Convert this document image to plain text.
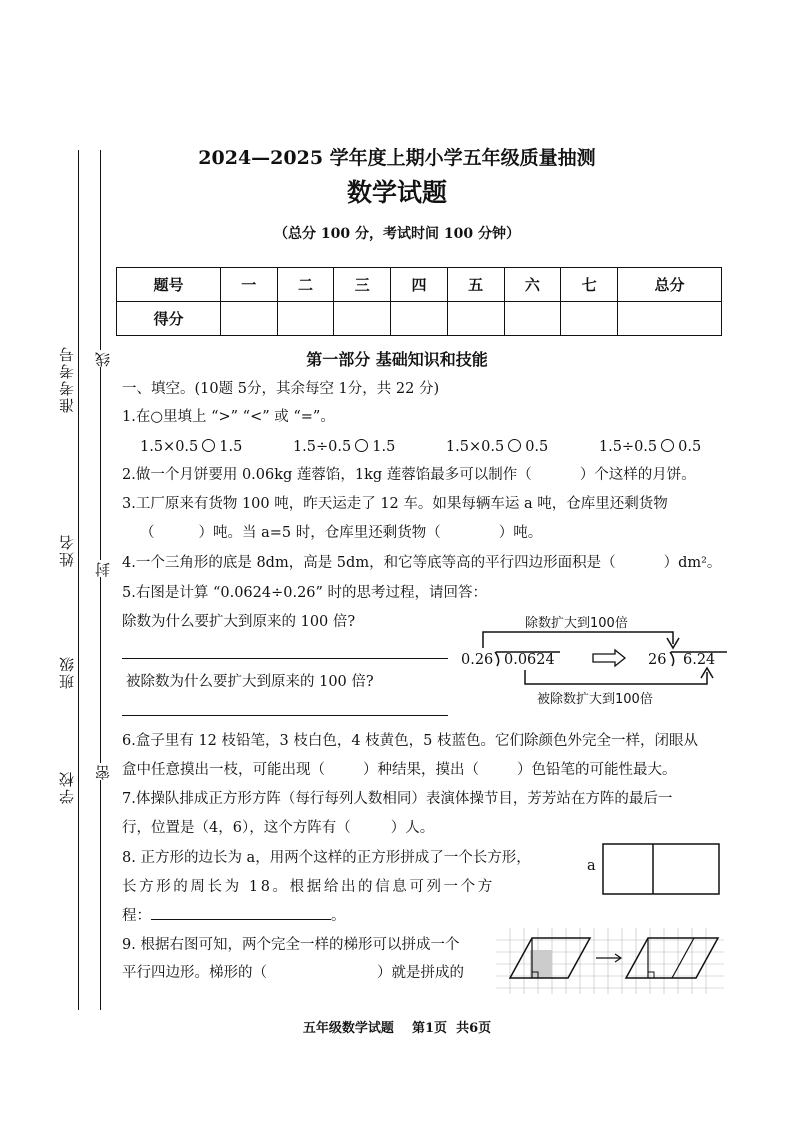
准考考号
姓名
班级
学校
线
封
密
2024—2025 学年度上期小学五年级质量抽测
数学试题
（总分 100 分，考试时间 100 分钟）
题号	一	二	三	四	五	六	七	总分
得分								
第一部分 基础知识和技能
一、填空。(10题 5分，其余每空 1分，共 22 分)
1.在○里填上 “>” “<” 或 “=”。
1.5×0.5 1.5	1.5÷0.5 1.5	1.5×0.5 0.5	1.5÷0.5 0.5
2.做一个月饼要用 0.06kg 莲蓉馅，1kg 莲蓉馅最多可以制作（	）个这样的月饼。
3.工厂原来有货物 100 吨，昨天运走了 12 车。如果每辆车运 a 吨，仓库里还剩货物
（	）吨。当 a=5 时，仓库里还剩货物（	）吨。
4.一个三角形的底是 8dm，高是 5dm，和它等底等高的平行四边形面积是（	）dm²。
5.右图是计算 “0.0624÷0.26” 时的思考过程，请回答：
除数为什么要扩大到原来的 100 倍?
被除数为什么要扩大到原来的 100 倍?
除数扩大到100倍
0.26 0.0624	26 6.24
被除数扩大到100倍
6.盒子里有 12 枝铅笔，3 枝白色，4 枝黄色，5 枝蓝色。它们除颜色外完全一样，闭眼从
盒中任意摸出一枝，可能出现（	）种结果，摸出（	）色铅笔的可能性最大。
7.体操队排成正方形方阵（每行每列人数相同）表演体操节目，芳芳站在方阵的最后一
行，位置是（4，6），这个方阵有（	）人。
8. 正方形的边长为 a，用两个这样的正方形拼成了一个长方形，
长方形的周长为 18。根据给出的信息可列一个方
程：	。
a
9. 根据右图可知，两个完全一样的梯形可以拼成一个
平行四边形。梯形的（	）就是拼成的
五年级数学试题    第1页  共6页
